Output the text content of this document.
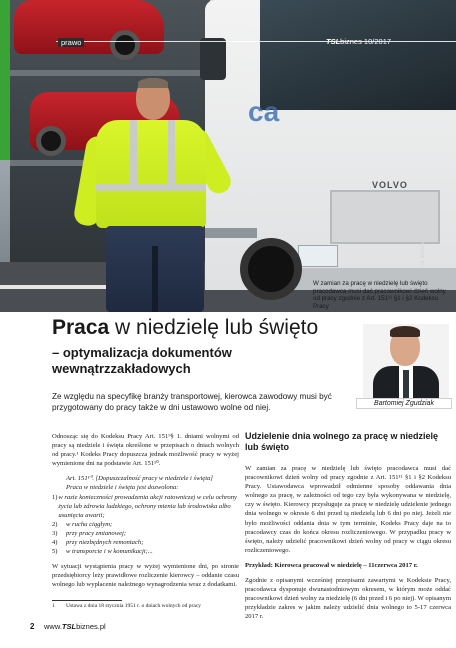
ca
VOLVO
prawo	TSLbiznes 10/2017
Fot. Materiały
W zamian za pracę w niedzielę lub święto pracodawca musi dać pracownikowi dzień wolny od pracy zgodnie z Art. 151¹¹ §1 i §2 Kodeksu Pracy
Praca w niedzielę lub święto
– optymalizacja dokumentów wewnątrzzakładowych
Ze względu na specyfikę branży transportowej, kierowca zawodowy musi być przygotowany do pracy także w dni ustawowo wolne od niej.	Bartomiej Zgudziak

Odnosząc się do Kodeksu Pracy Art. 151⁹§ 1. dniami wolnymi od pracy są niedziele i święta określone w przepisach o dniach wolnych od pracy.¹ Kodeks Pracy dopuszcza jednak możliwość pracy w wyżej wymienione dni na podstawie Art. 151¹⁰.

Art. 151¹⁰. [Dopuszczalność pracy w niedziele i święta]
Praca w niedziele i święta jest dozwolona:
1) w razie konieczności prowadzenia akcji ratowniczej w celu ochrony życia lub zdrowia ludzkiego, ochrony mienia lub środowiska albo usunięcia awarii;
2)	w ruchu ciągłym;
3)	przy pracy zmianowej;
4)	przy niezbędnych remontach;
5)	w transporcie i w komunikacji;...

W sytuacji wystąpienia pracy w wyżej wymienione dni, po stronie przedsiębiorcy leży prawidłowe rozliczenie kierowcy – oddanie czasu wolnego lub wypłacenie należnego wynagrodzenia wraz z dodatkami.

1 Ustawa z dnia 18 stycznia 1951 r. o dniach wolnych od pracy
Udzielenie dnia wolnego za pracę w niedzielę lub święto

W zamian za pracę w niedzielę lub święto pracodawca musi dać pracownikowi dzień wolny od pracy zgodnie z Art. 151¹¹ §1 i §2 Kodeksu Pracy. Ustawodawca wprowadził odmienne sposoby oddawania dnia wolnego za pracę, w zależności od tego czy była wykonywana w niedzielę, czy w święto. Kierowcy przysługuje za pracę w niedzielę udzielenie jednego dnia wolnego w okresie 6 dni przed tą niedzielą lub 6 dni po niej. Jeżeli nie było możliwości oddania dnia w tym terminie, Kodeks Pracy daje na to pracodawcy czas do końca okresu rozliczeniowego. W przypadku pracy w święto, należy udzielić pracownikowi dzień wolny od pracy w ciągu okresu rozliczeniowego.

Przykład: Kierowca pracował w niedzielę – 11czerwca 2017 r.

Zgodnie z opisanymi wcześniej przepisami zawartymi w Kodeksie Pracy, pracodawca dysponuje dwunastodniowym okresem, w którym może oddać pracownikowi dzień wolny za niedzielę (6 dni przed i 6 po niej). W opisanym przykładzie zakres w jakim należy udzielić dnia wolnego to 5-17 czerwca 2017 r.

2 www.TSLbiznes.pl
